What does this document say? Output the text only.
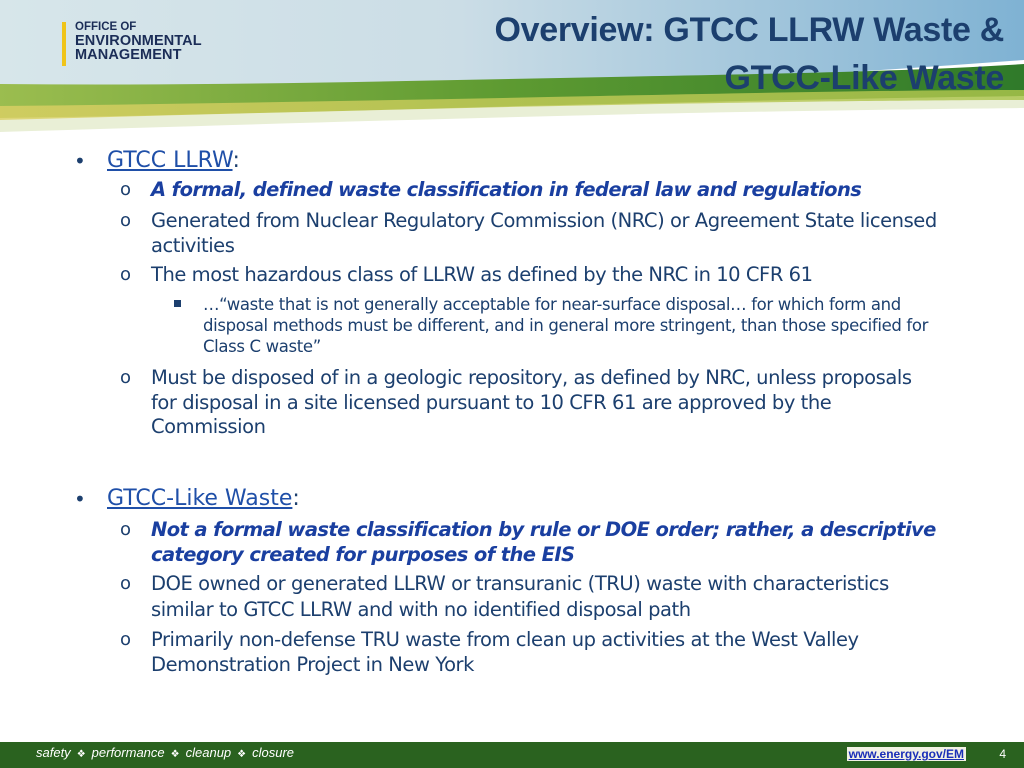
OFFICE OF
ENVIRONMENTAL
MANAGEMENT
Overview: GTCC LLRW Waste &
GTCC-Like Waste
• GTCC LLRW:
o A formal, defined waste classification in federal law and regulations
o Generated from Nuclear Regulatory Commission (NRC) or Agreement State licensed activities
o The most hazardous class of LLRW as defined by the NRC in 10 CFR 61
…“waste that is not generally acceptable for near-surface disposal… for which form and disposal methods must be different, and in general more stringent, than those specified for Class C waste”
o Must be disposed of in a geologic repository, as defined by NRC, unless proposals for disposal in a site licensed pursuant to 10 CFR 61 are approved by the Commission
• GTCC-Like Waste:
o Not a formal waste classification by rule or DOE order; rather, a descriptive category created for purposes of the EIS
o DOE owned or generated LLRW or transuranic (TRU) waste with characteristics similar to GTCC LLRW and with no identified disposal path
o Primarily non-defense TRU waste from clean up activities at the West Valley Demonstration Project in New York
safety ❖ performance ❖ cleanup ❖ closure	www.energy.gov/EM	4
